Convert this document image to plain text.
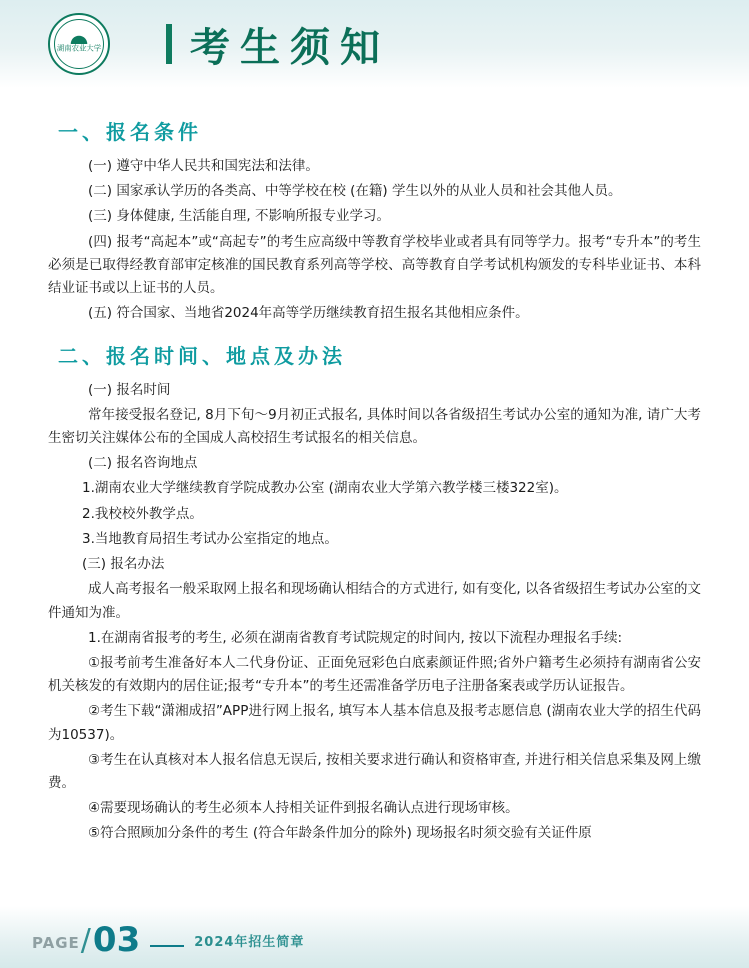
湖南农业大学 考生须知
一、报名条件

(一) 遵守中华人民共和国宪法和法律。

(二) 国家承认学历的各类高、中等学校在校 (在籍) 学生以外的从业人员和社会其他人员。

(三) 身体健康, 生活能自理, 不影响所报专业学习。

(四) 报考“高起本”或“高起专”的考生应高级中等教育学校毕业或者具有同等学力。报考“专升本”的考生必须是已取得经教育部审定核准的国民教育系列高等学校、高等教育自学考试机构颁发的专科毕业证书、本科结业证书或以上证书的人员。

(五) 符合国家、当地省2024年高等学历继续教育招生报名其他相应条件。

二、报名时间、地点及办法

(一) 报名时间

常年接受报名登记, 8月下旬～9月初正式报名, 具体时间以各省级招生考试办公室的通知为准, 请广大考生密切关注媒体公布的全国成人高校招生考试报名的相关信息。

(二) 报名咨询地点

1.湖南农业大学继续教育学院成教办公室 (湖南农业大学第六教学楼三楼322室)。

2.我校校外教学点。

3.当地教育局招生考试办公室指定的地点。

(三) 报名办法

成人高考报名一般采取网上报名和现场确认相结合的方式进行, 如有变化, 以各省级招生考试办公室的文件通知为准。

1.在湖南省报考的考生, 必须在湖南省教育考试院规定的时间内, 按以下流程办理报名手续:

①报考前考生准备好本人二代身份证、正面免冠彩色白底素颜证件照;省外户籍考生必须持有湖南省公安机关核发的有效期内的居住证;报考“专升本”的考生还需准备学历电子注册备案表或学历认证报告。

②考生下载“潇湘成招”APP进行网上报名, 填写本人基本信息及报考志愿信息 (湖南农业大学的招生代码为10537)。

③考生在认真核对本人报名信息无误后, 按相关要求进行确认和资格审查, 并进行相关信息采集及网上缴费。

④需要现场确认的考生必须本人持相关证件到报名确认点进行现场审核。

⑤符合照顾加分条件的考生 (符合年龄条件加分的除外) 现场报名时须交验有关证件原

PAGE / 03	2024年招生简章
